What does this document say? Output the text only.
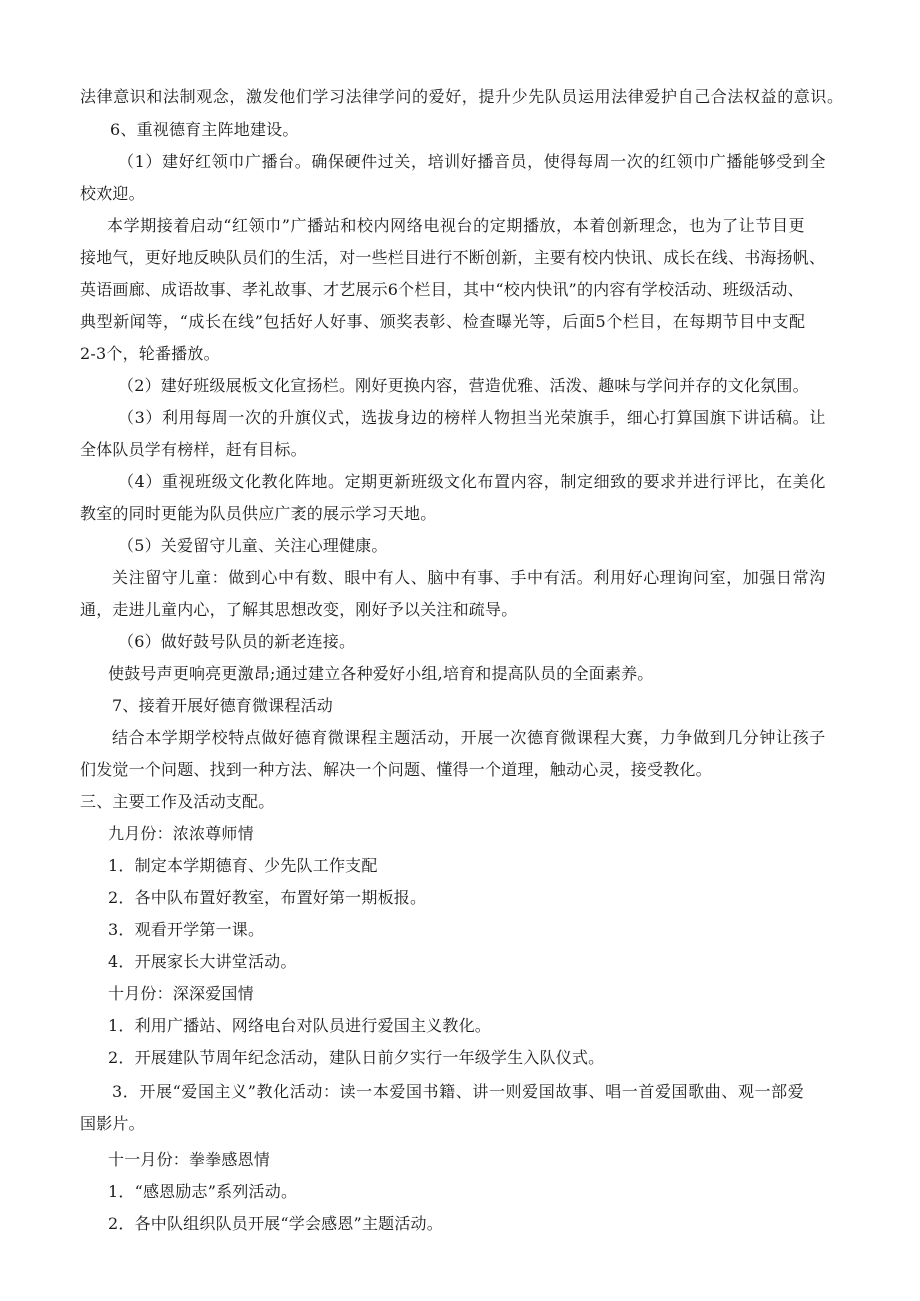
法律意识和法制观念，激发他们学习法律学问的爱好，提升少先队员运用法律爱护自己合法权益的意识。
6、重视德育主阵地建设。
（1）建好红领巾广播台。确保硬件过关，培训好播音员，使得每周一次的红领巾广播能够受到全
校欢迎。
本学期接着启动“红领巾”广播站和校内网络电视台的定期播放，本着创新理念，也为了让节目更
接地气，更好地反映队员们的生活，对一些栏目进行不断创新，主要有校内快讯、成长在线、书海扬帆、
英语画廊、成语故事、孝礼故事、才艺展示6个栏目，其中“校内快讯”的内容有学校活动、班级活动、
典型新闻等，“成长在线”包括好人好事、颁奖表彰、检查曝光等，后面5个栏目，在每期节目中支配
2-3个，轮番播放。
（2）建好班级展板文化宣扬栏。刚好更换内容，营造优雅、活泼、趣味与学问并存的文化氛围。
（3）利用每周一次的升旗仪式，选拔身边的榜样人物担当光荣旗手，细心打算国旗下讲话稿。让
全体队员学有榜样，赶有目标。
（4）重视班级文化教化阵地。定期更新班级文化布置内容，制定细致的要求并进行评比，在美化
教室的同时更能为队员供应广袤的展示学习天地。
（5）关爱留守儿童、关注心理健康。
关注留守儿童：做到心中有数、眼中有人、脑中有事、手中有活。利用好心理询问室，加强日常沟
通，走进儿童内心，了解其思想改变，刚好予以关注和疏导。
（6）做好鼓号队员的新老连接。
使鼓号声更响亮更激昂;通过建立各种爱好小组,培育和提高队员的全面素养。
7、接着开展好德育微课程活动
结合本学期学校特点做好德育微课程主题活动，开展一次德育微课程大赛，力争做到几分钟让孩子
们发觉一个问题、找到一种方法、解决一个问题、懂得一个道理，触动心灵，接受教化。
三、主要工作及活动支配。
九月份：浓浓尊师情
1．制定本学期德育、少先队工作支配
2．各中队布置好教室，布置好第一期板报。
3．观看开学第一课。
4．开展家长大讲堂活动。
十月份：深深爱国情
1．利用广播站、网络电台对队员进行爱国主义教化。
2．开展建队节周年纪念活动，建队日前夕实行一年级学生入队仪式。
3．开展“爱国主义”教化活动：读一本爱国书籍、讲一则爱国故事、唱一首爱国歌曲、观一部爱
国影片。
十一月份：拳拳感恩情
1．“感恩励志”系列活动。
2．各中队组织队员开展“学会感恩”主题活动。
